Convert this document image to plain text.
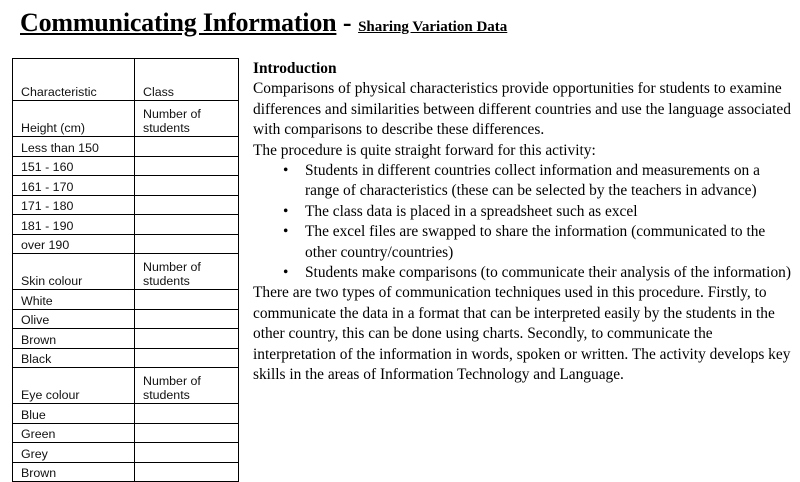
Communicating Information - Sharing Variation Data
Characteristic	Class
Height (cm)	Number of students
Less than 150	
151 - 160	
161 - 170	
171 - 180	
181 - 190	
over 190	
Skin colour	Number of students
White	
Olive	
Brown	
Black	
Eye colour	Number of students
Blue	
Green	
Grey	
Brown	

Introduction

Comparisons of physical characteristics provide opportunities for students to examine differences and similarities between different countries and use the language associated with comparisons to describe these differences.

The procedure is quite straight forward for this activity:

• Students in different countries collect information and measurements on a range of characteristics (these can be selected by the teachers in advance)
• The class data is placed in a spreadsheet such as excel
• The excel files are swapped to share the information (communicated to the other country/countries)
• Students make comparisons (to communicate their analysis of the information)

There are two types of communication techniques used in this procedure. Firstly, to communicate the data in a format that can be interpreted easily by the students in the other country, this can be done using charts. Secondly, to communicate the interpretation of the information in words, spoken or written. The activity develops key skills in the areas of Information Technology and Language.
